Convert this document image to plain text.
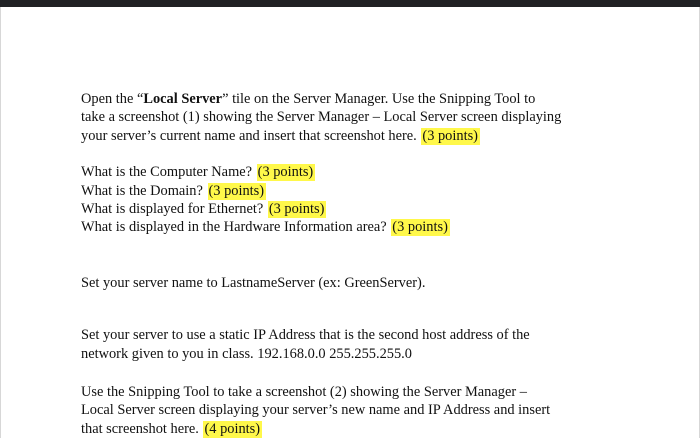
Open the “Local Server” tile on the Server Manager. Use the Snipping Tool to
take a screenshot (1) showing the Server Manager – Local Server screen displaying
your server’s current name and insert that screenshot here. (3 points)

What is the Computer Name? (3 points)
What is the Domain? (3 points)
What is displayed for Ethernet? (3 points)
What is displayed in the Hardware Information area? (3 points)

Set your server name to LastnameServer (ex: GreenServer).

Set your server to use a static IP Address that is the second host address of the
network given to you in class. 192.168.0.0 255.255.255.0

Use the Snipping Tool to take a screenshot (2) showing the Server Manager –
Local Server screen displaying your server’s new name and IP Address and insert
that screenshot here. (4 points)
